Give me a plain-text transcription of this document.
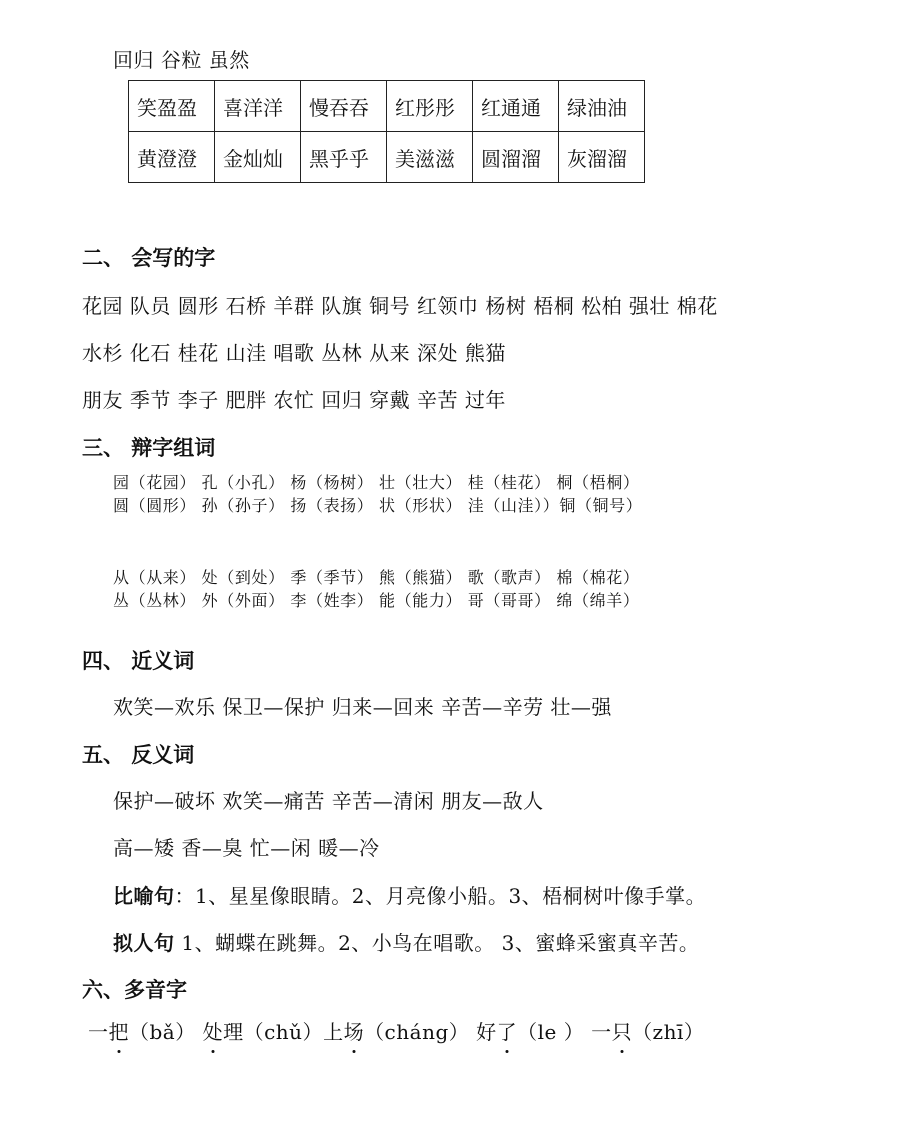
回归 谷粒 虽然
笑盈盈	喜洋洋	慢吞吞	红彤彤	红通通	绿油油
黄澄澄	金灿灿	黑乎乎	美滋滋	圆溜溜	灰溜溜
二、 会写的字
花园 队员 圆形 石桥 羊群 队旗 铜号 红领巾 杨树 梧桐 松柏 强壮 棉花
水杉 化石 桂花 山洼 唱歌 丛林 从来 深处 熊猫
朋友 季节 李子 肥胖 农忙 回归 穿戴 辛苦 过年
三、 辩字组词
园（花园） 孔（小孔） 杨（杨树） 壮（壮大） 桂（桂花） 桐（梧桐）
圆（圆形） 孙（孙子） 扬（表扬） 状（形状） 洼（山洼））铜（铜号）
从（从来） 处（到处） 季（季节） 熊（熊猫） 歌（歌声） 棉（棉花）
丛（丛林） 外（外面） 李（姓李） 能（能力） 哥（哥哥） 绵（绵羊）
四、 近义词
欢笑—欢乐 保卫—保护 归来—回来 辛苦—辛劳 壮—强
五、 反义词
保护—破坏 欢笑—痛苦 辛苦—清闲 朋友—敌人
高—矮 香—臭 忙—闲 暖—冷
比喻句：1、星星像眼睛。2、月亮像小船。3、梧桐树叶像手掌。
拟人句 1、蝴蝶在跳舞。2、小鸟在唱歌。 3、蜜蜂采蜜真辛苦。
六、多音字
一把（bǎ） 处理（chǔ）上场（cháng） 好了（le ） 一只（zhī）
